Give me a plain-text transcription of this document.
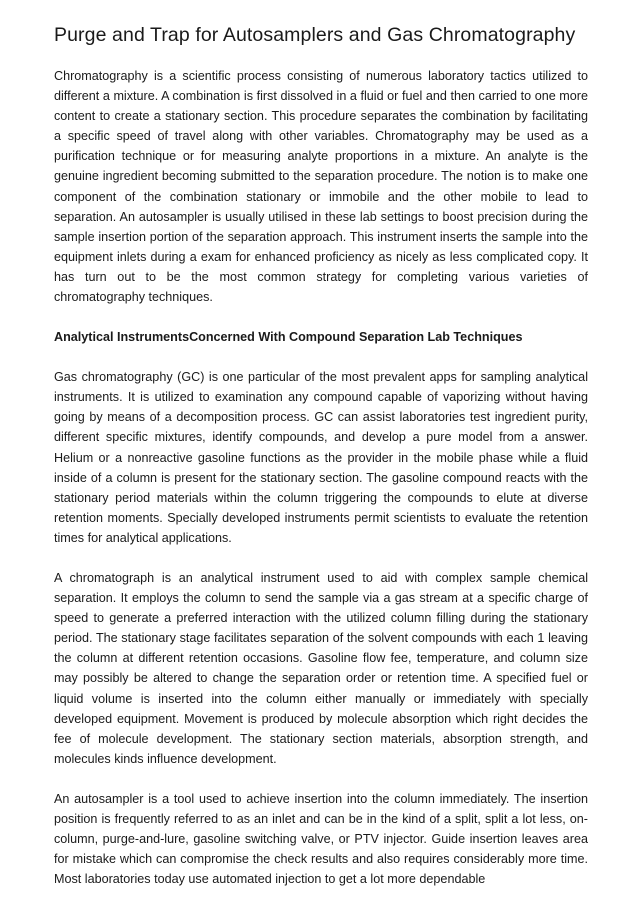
Purge and Trap for Autosamplers and Gas Chromatography

Chromatography is a scientific process consisting of numerous laboratory tactics utilized to different a mixture. A combination is first dissolved in a fluid or fuel and then carried to one more content to create a stationary section. This procedure separates the combination by facilitating a specific speed of travel along with other variables. Chromatography may be used as a purification technique or for measuring analyte proportions in a mixture. An analyte is the genuine ingredient becoming submitted to the separation procedure. The notion is to make one component of the combination stationary or immobile and the other mobile to lead to separation. An autosampler is usually utilised in these lab settings to boost precision during the sample insertion portion of the separation approach. This instrument inserts the sample into the equipment inlets during a exam for enhanced proficiency as nicely as less complicated copy. It has turn out to be the most common strategy for completing various varieties of chromatography techniques.

Analytical InstrumentsConcerned With Compound Separation Lab Techniques

Gas chromatography (GC) is one particular of the most prevalent apps for sampling analytical instruments. It is utilized to examination any compound capable of vaporizing without having going by means of a decomposition process. GC can assist laboratories test ingredient purity, different specific mixtures, identify compounds, and develop a pure model from a answer. Helium or a nonreactive gasoline functions as the provider in the mobile phase while a fluid inside of a column is present for the stationary section. The gasoline compound reacts with the stationary period materials within the column triggering the compounds to elute at diverse retention moments. Specially developed instruments permit scientists to evaluate the retention times for analytical applications.

A chromatograph is an analytical instrument used to aid with complex sample chemical separation. It employs the column to send the sample via a gas stream at a specific charge of speed to generate a preferred interaction with the utilized column filling during the stationary period. The stationary stage facilitates separation of the solvent compounds with each 1 leaving the column at different retention occasions. Gasoline flow fee, temperature, and column size may possibly be altered to change the separation order or retention time. A specified fuel or liquid volume is inserted into the column either manually or immediately with specially developed equipment. Movement is produced by molecule absorption which right decides the fee of molecule development. The stationary section materials, absorption strength, and molecules kinds influence development.

An autosampler is a tool used to achieve insertion into the column immediately. The insertion position is frequently referred to as an inlet and can be in the kind of a split, split a lot less, on-column, purge-and-lure, gasoline switching valve, or PTV injector. Guide insertion leaves area for mistake which can compromise the check results and also requires considerably more time. Most laboratories today use automated injection to get a lot more dependable
